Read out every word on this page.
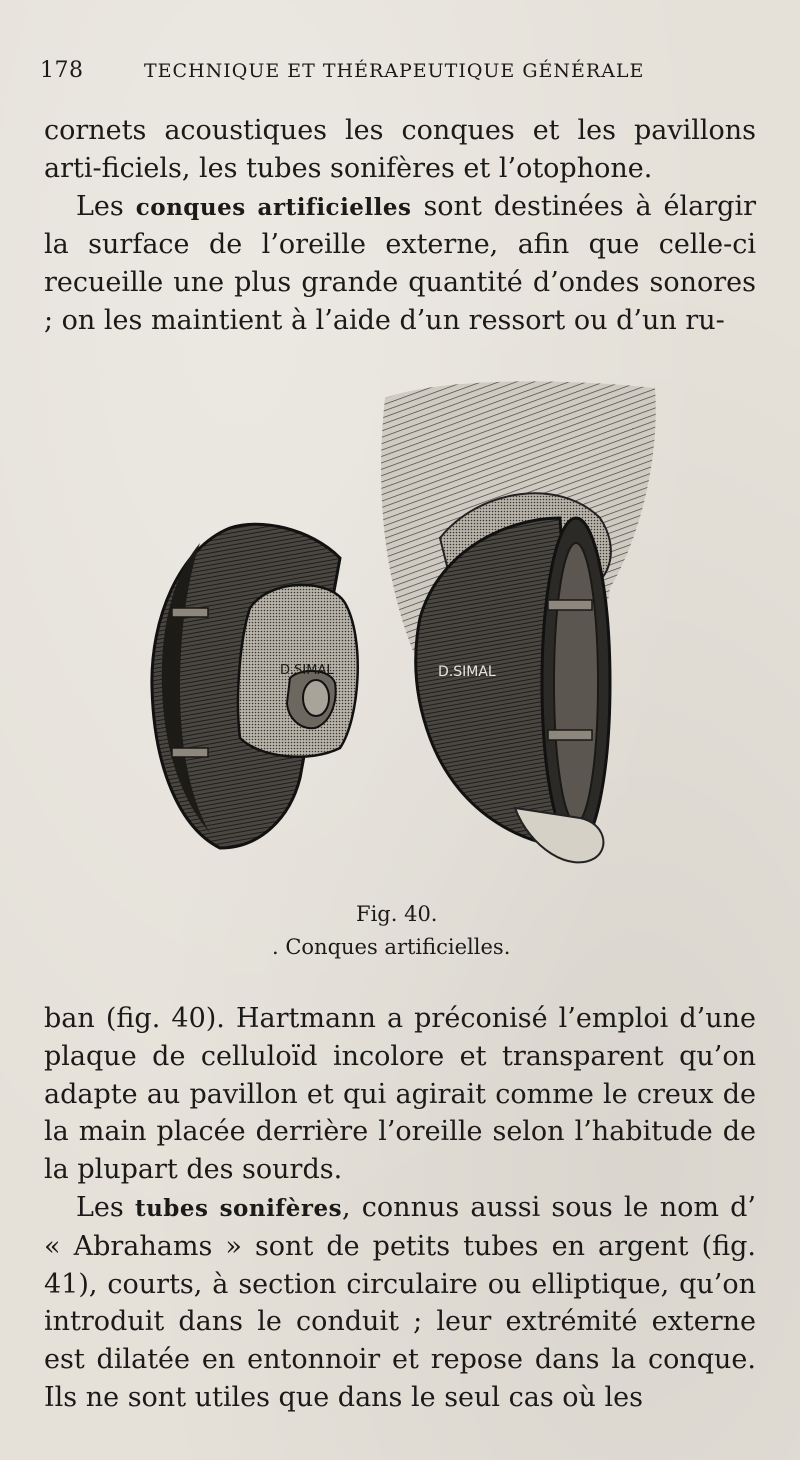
178	TECHNIQUE ET THÉRAPEUTIQUE GÉNÉRALE

cornets acoustiques les conques et les pavillons arti-ficiels, les tubes sonifères et l’otophone.

Les conques artificielles sont destinées à élargir la surface de l’oreille externe, afin que celle-ci recueille une plus grande quantité d’ondes sonores ; on les maintient à l’aide d’un ressort ou d’un ru-

D.SIMAL
D.SIMAL
Fig. 40.
. Conques artificielles.

ban (fig. 40). Hartmann a préconisé l’emploi d’une plaque de celluloïd incolore et transparent qu’on adapte au pavillon et qui agirait comme le creux de la main placée derrière l’oreille selon l’habitude de la plupart des sourds.

Les tubes sonifères, connus aussi sous le nom d’ « Abrahams » sont de petits tubes en argent (fig. 41), courts, à section circulaire ou elliptique, qu’on introduit dans le conduit ; leur extrémité externe est dilatée en entonnoir et repose dans la conque. Ils ne sont utiles que dans le seul cas où les
